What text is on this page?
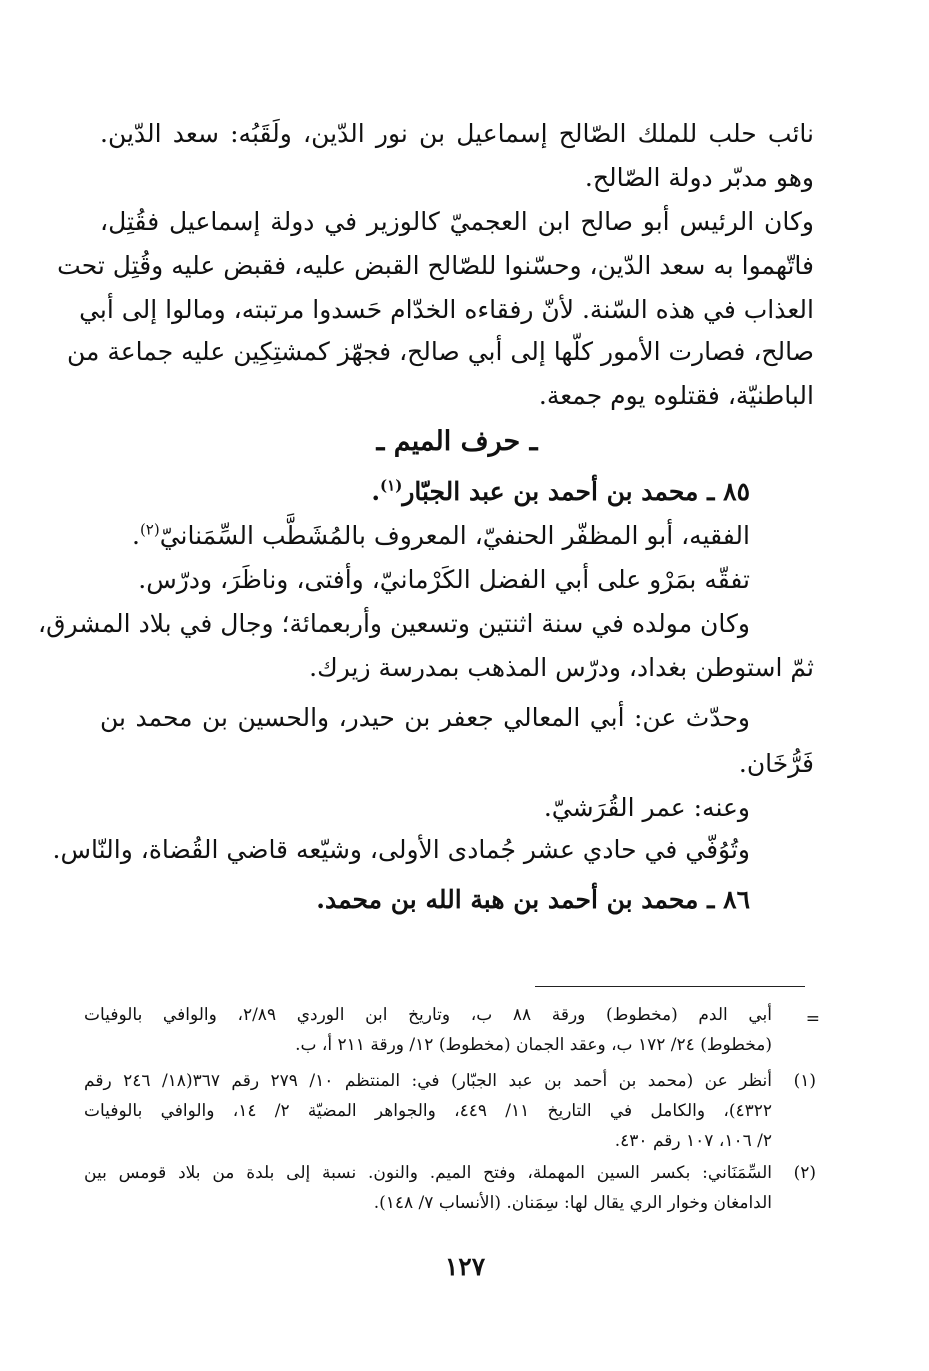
نائب حلب للملك الصّالح إسماعيل بن نور الدّين، ولَقَبُه: سعد الدّين.
وهو مدبّر دولة الصّالح.
وكان الرئيس أبو صالح ابن العجميّ كالوزير في دولة إسماعيل فقُتِل،
فاتّهموا به سعد الدّين، وحسّنوا للصّالح القبض عليه، فقبض عليه وقُتِل تحت
العذاب في هذه السّنة. لأنّ رفقاءه الخدّام حَسدوا مرتبته، ومالوا إلى أبي
صالح، فصارت الأمور كلّها إلى أبي صالح، فجهّز كمشتِكِين عليه جماعة من
الباطنيّة، فقتلوه يوم جمعة.
ـ حرف الميم ـ
٨٥ ـ محمد بن أحمد بن عبد الجبّار$^{(١)}$.
الفقيه، أبو المظفّر الحنفيّ، المعروف بالمُشَطَّب السِّمَنانيّ$^{(٢)}$.
تفقّه بمَرْو على أبي الفضل الكَرْمانيّ، وأفتى، وناظَرَ، ودرّس.
وكان مولده في سنة اثنتين وتسعين وأربعمائة؛ وجال في بلاد المشرق،
ثمّ استوطن بغداد، ودرّس المذهب بمدرسة زيرك.
وحدّث عن: أبي المعالي جعفر بن حيدر، والحسين بن محمد بن
فَرُّخَان.
وعنه: عمر القُرَشيّ.
وتُوُفّي في حادي عشر جُمادى الأولى، وشيّعه قاضي القُضاة، والنّاس.
٨٦ ـ محمد بن أحمد بن هبة الله بن محمد.
=
أبي الدم (مخطوط) ورقة ٨٨ ب، وتاريخ ابن الوردي ٢/٨٩، والوافي بالوفيات
(مخطوط) ٢٤/ ١٧٢ ب، وعقد الجمان (مخطوط) ١٢/ ورقة ٢١١ أ، ب.
(١)
أنظر عن (محمد بن أحمد بن عبد الجبّار) في: المنتظم ١٠/ ٢٧٩ رقم ٣٦٧(١٨/ ٢٤٦ رقم
٤٣٢٢)، والكامل في التاريخ ١١/ ٤٤٩، والجواهر المضيّة ٢/ ١٤، والوافي بالوفيات
٢/ ١٠٦، ١٠٧ رقم ٤٣٠.
(٢)
السِّمَنَاني: بكسر السين المهملة، وفتح الميم. والنون. نسبة إلى بلدة من بلاد قومس بين
الدامغان وخوار الري يقال لها: سِمَنان. (الأنساب ٧/ ١٤٨).
١٢٧
